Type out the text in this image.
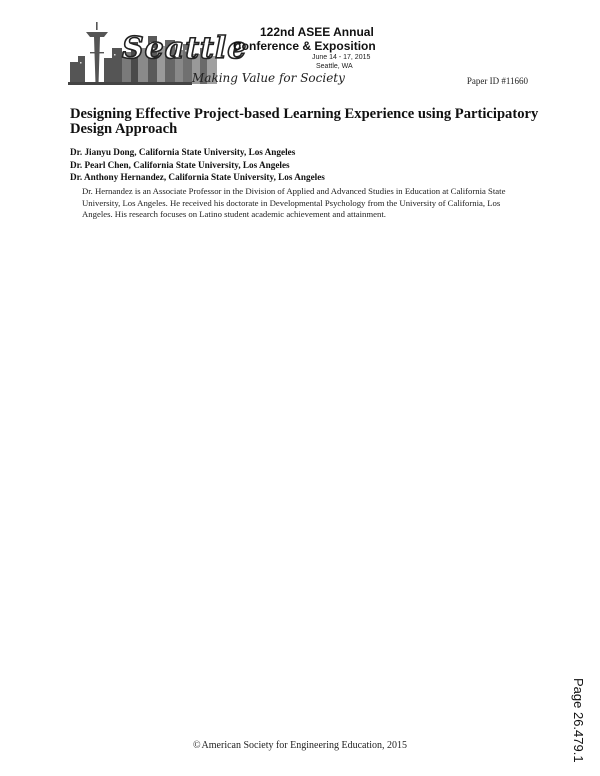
Seattle
Making Value for Society
122nd ASEE Annual
Conference & Exposition
June 14 - 17, 2015
Seattle, WA
Paper ID #11660
Designing Effective Project-based Learning Experience using Participatory Design Approach
Dr. Jianyu Dong, California State University, Los Angeles
Dr. Pearl Chen, California State University, Los Angeles
Dr. Anthony Hernandez, California State University, Los Angeles

Dr. Hernandez is an Associate Professor in the Division of Applied and Advanced Studies in Education at California State University, Los Angeles. He received his doctorate in Developmental Psychology from the University of California, Los Angeles. His research focuses on Latino student academic achievement and attainment.

Page 26.479.1
©American Society for Engineering Education, 2015
